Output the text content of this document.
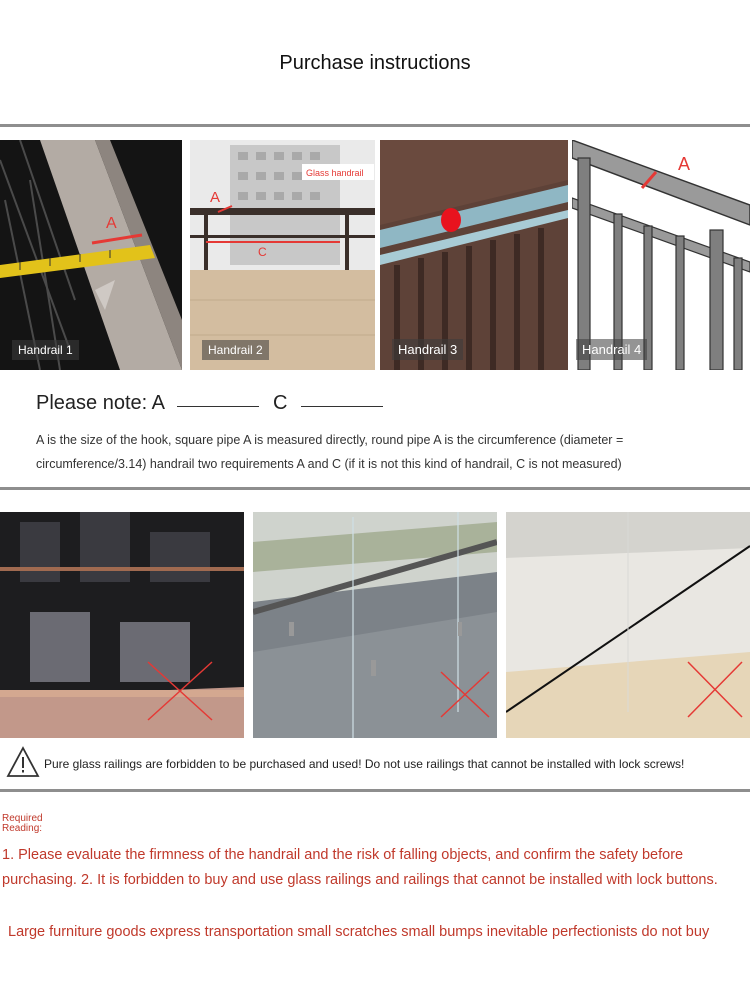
Purchase instructions
A
Handrail 1
A
C
Glass handrail
Handrail 2	Handrail 3
A
Handrail 4
Please note: A	C
A is the size of the hook, square pipe A is measured directly, round pipe A is the circumference (diameter = circumference/3.14) handrail two requirements A and C (if it is not this kind of handrail, C is not measured)
Pure glass railings are forbidden to be purchased and used! Do not use railings that cannot be installed with lock screws!
Required Reading:
1. Please evaluate the firmness of the handrail and the risk of falling objects, and confirm the safety before purchasing. 2. It is forbidden to buy and use glass railings and railings that cannot be installed with lock buttons.
Large furniture goods express transportation small scratches small bumps inevitable perfectionists do not buy
